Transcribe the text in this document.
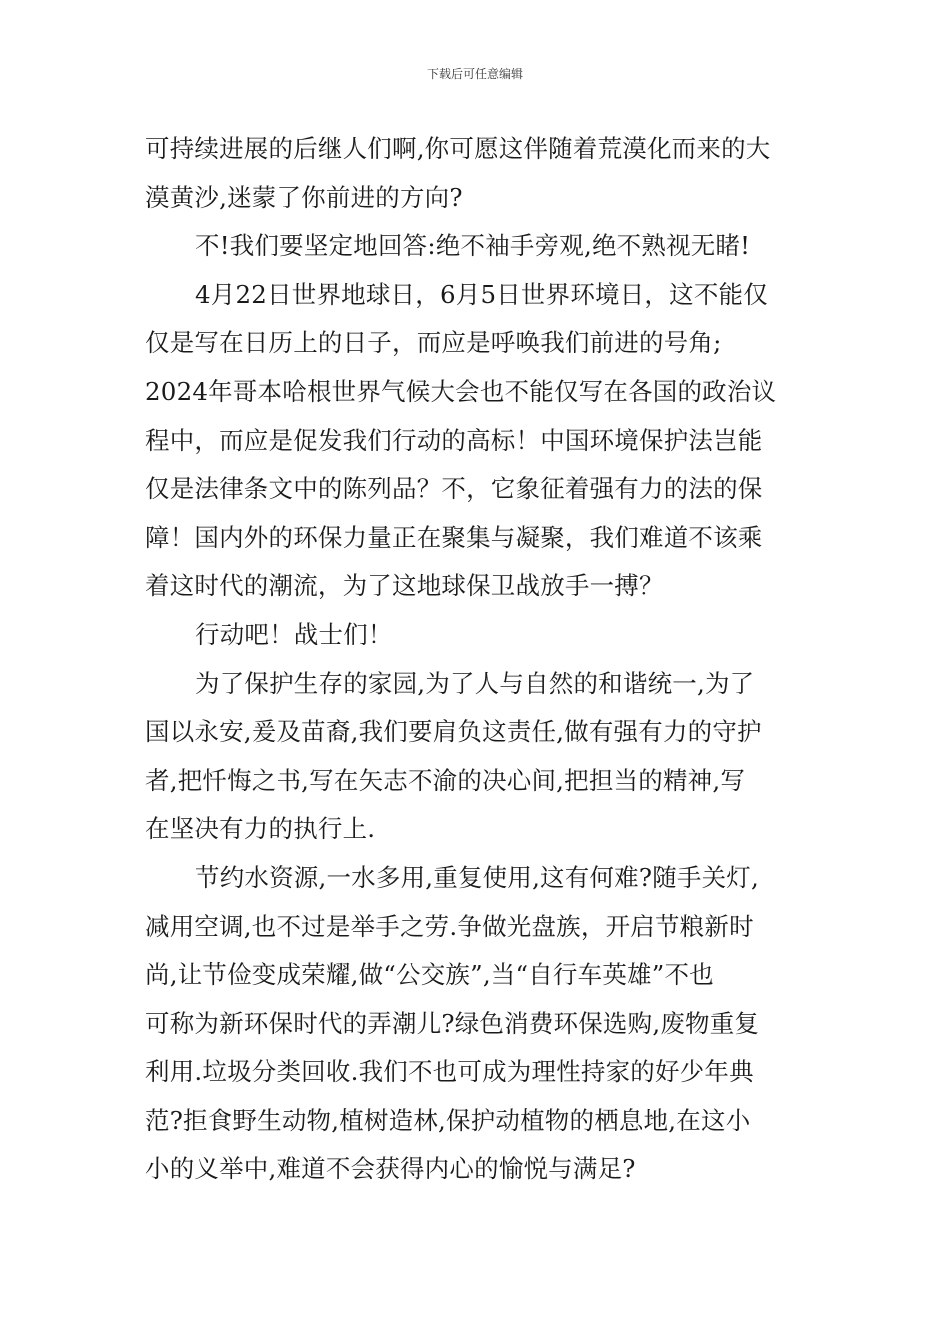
下载后可任意编辑
可持续进展的后继人们啊,你可愿这伴随着荒漠化而来的大
漠黄沙,迷蒙了你前进的方向?
不!我们要坚定地回答:绝不袖手旁观,绝不熟视无睹!
4月22日世界地球日，6月5日世界环境日，这不能仅
仅是写在日历上的日子，而应是呼唤我们前进的号角;
2024年哥本哈根世界气候大会也不能仅写在各国的政治议
程中，而应是促发我们行动的高标！中国环境保护法岂能
仅是法律条文中的陈列品？不，它象征着强有力的法的保
障！国内外的环保力量正在聚集与凝聚，我们难道不该乘
着这时代的潮流，为了这地球保卫战放手一搏？
行动吧！战士们！
为了保护生存的家园,为了人与自然的和谐统一,为了
国以永安,爰及苗裔,我们要肩负这责任,做有强有力的守护
者,把忏悔之书,写在矢志不渝的决心间,把担当的精神,写
在坚决有力的执行上.
节约水资源,一水多用,重复使用,这有何难?随手关灯,
减用空调,也不过是举手之劳.争做光盘族，开启节粮新时
尚,让节俭变成荣耀,做“公交族”,当“自行车英雄”不也
可称为新环保时代的弄潮儿?绿色消费环保选购,废物重复
利用.垃圾分类回收.我们不也可成为理性持家的好少年典
范?拒食野生动物,植树造林,保护动植物的栖息地,在这小
小的义举中,难道不会获得内心的愉悦与满足?
